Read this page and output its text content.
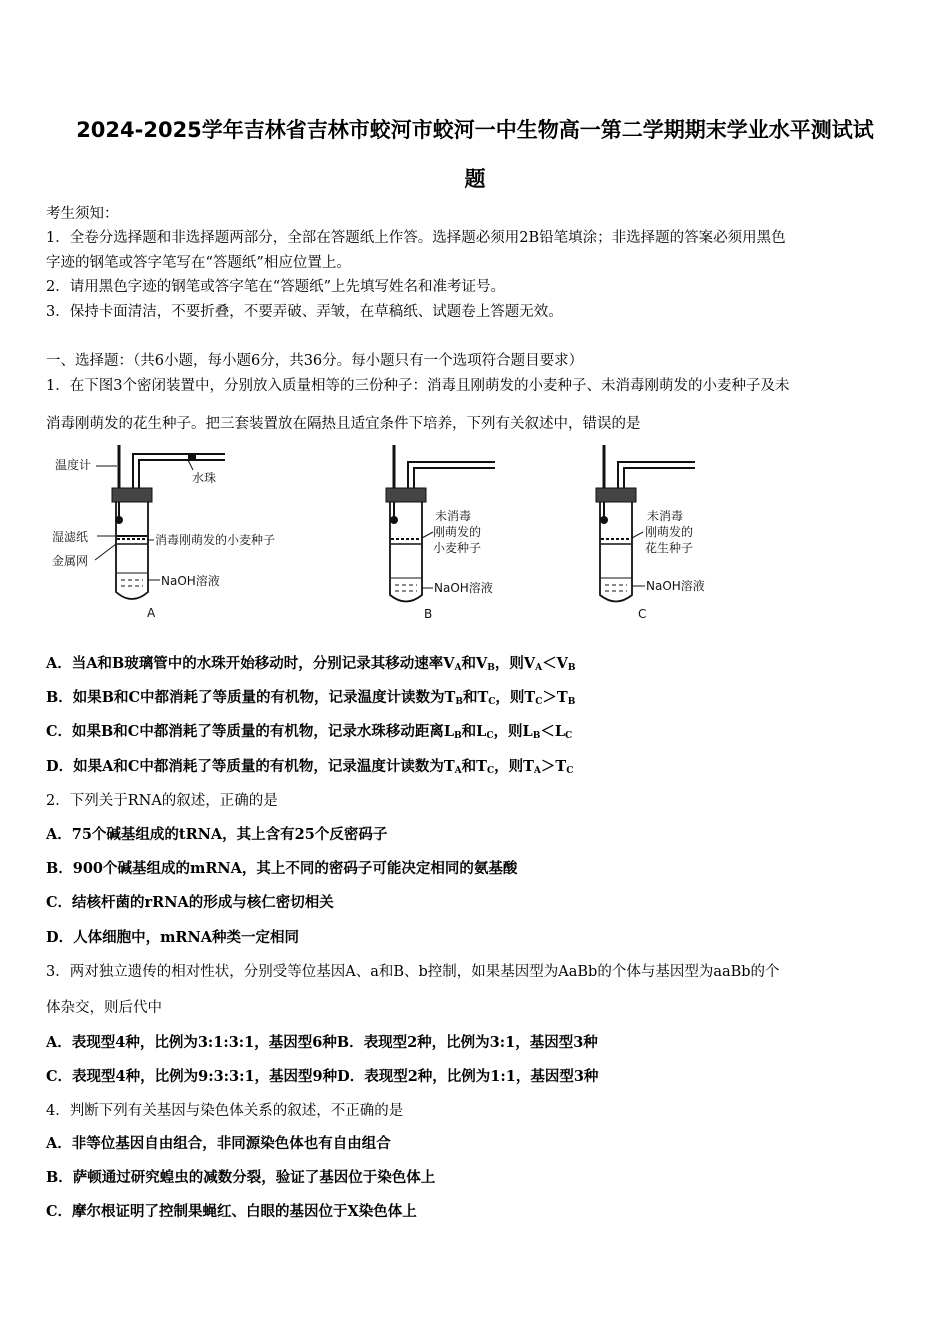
2024-2025学年吉林省吉林市蛟河市蛟河一中生物高一第二学期期末学业水平测试试
题
考生须知：
1．全卷分选择题和非选择题两部分，全部在答题纸上作答。选择题必须用2B铅笔填涂；非选择题的答案必须用黑色
字迹的钢笔或答字笔写在“答题纸”相应位置上。
2．请用黑色字迹的钢笔或答字笔在“答题纸”上先填写姓名和准考证号。
3．保持卡面清洁，不要折叠，不要弄破、弄皱，在草稿纸、试题卷上答题无效。
一、选择题：（共6小题，每小题6分，共36分。每小题只有一个选项符合题目要求）
1．在下图3个密闭装置中，分别放入质量相等的三份种子：消毒且刚萌发的小麦种子、未消毒刚萌发的小麦种子及未
消毒刚萌发的花生种子。把三套装置放在隔热且适宜条件下培养，下列有关叙述中，错误的是
温度计
水珠
湿滤纸
金属网
消毒刚萌发的小麦种子
NaOH溶液
A
未消毒
刚萌发的
小麦种子
NaOH溶液
B
未消毒
刚萌发的
花生种子
NaOH溶液
C
A．当A和B玻璃管中的水珠开始移动时，分别记录其移动速率$V_A$和$V_B$，则$V_A<V_B$
B．如果B和C中都消耗了等质量的有机物，记录温度计读数为$T_B$和$T_C$，则$T_C>T_B$
C．如果B和C中都消耗了等质量的有机物，记录水珠移动距离$L_B$和$L_C$，则$L_B<L_C$
D．如果A和C中都消耗了等质量的有机物，记录温度计读数为$T_A$和$T_C$，则$T_A>T_C$
2．下列关于RNA的叙述，正确的是
A．75个碱基组成的tRNA，其上含有25个反密码子
B．900个碱基组成的mRNA，其上不同的密码子可能决定相同的氨基酸
C．结核杆菌的rRNA的形成与核仁密切相关
D．人体细胞中，mRNA种类一定相同
3．两对独立遗传的相对性状，分别受等位基因A、a和B、b控制，如果基因型为AaBb的个体与基因型为aaBb的个
体杂交，则后代中
A．表现型4种，比例为3:1:3:1，基因型6种B．表现型2种，比例为3:1，基因型3种
C．表现型4种，比例为9:3:3:1，基因型9种D．表现型2种，比例为1:1，基因型3种
4．判断下列有关基因与染色体关系的叙述，不正确的是
A．非等位基因自由组合，非同源染色体也有自由组合
B．萨顿通过研究蝗虫的减数分裂，验证了基因位于染色体上
C．摩尔根证明了控制果蝇红、白眼的基因位于X染色体上
